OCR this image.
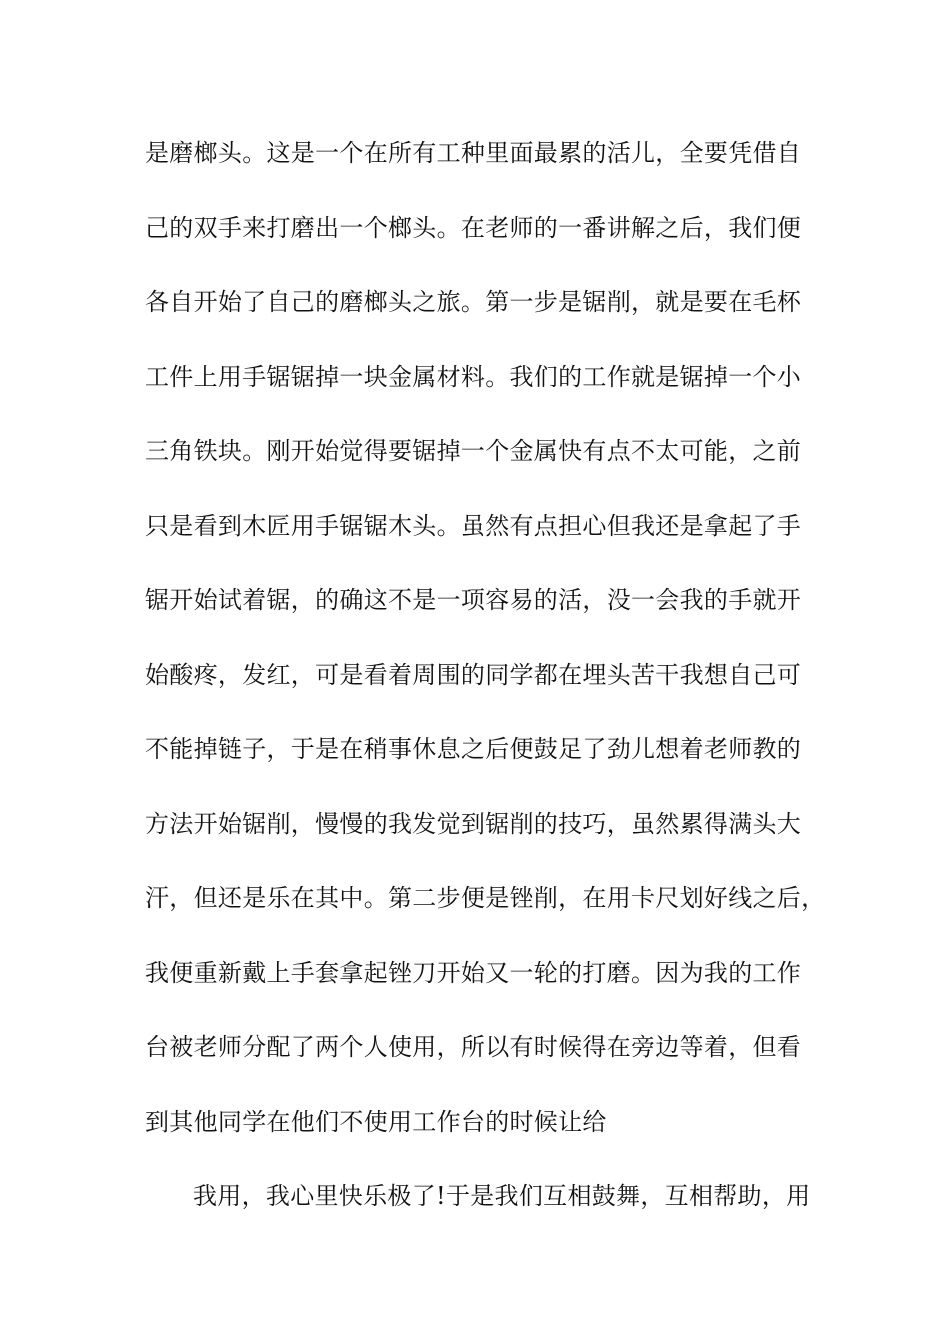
是磨榔头。这是一个在所有工种里面最累的活儿，全要凭借自
己的双手来打磨出一个榔头。在老师的一番讲解之后，我们便
各自开始了自己的磨榔头之旅。第一步是锯削，就是要在毛杯
工件上用手锯锯掉一块金属材料。我们的工作就是锯掉一个小
三角铁块。刚开始觉得要锯掉一个金属快有点不太可能，之前
只是看到木匠用手锯锯木头。虽然有点担心但我还是拿起了手
锯开始试着锯，的确这不是一项容易的活，没一会我的手就开
始酸疼，发红，可是看着周围的同学都在埋头苦干我想自己可
不能掉链子，于是在稍事休息之后便鼓足了劲儿想着老师教的
方法开始锯削，慢慢的我发觉到锯削的技巧，虽然累得满头大
汗，但还是乐在其中。第二步便是锉削，在用卡尺划好线之后，
我便重新戴上手套拿起锉刀开始又一轮的打磨。因为我的工作
台被老师分配了两个人使用，所以有时候得在旁边等着，但看
到其他同学在他们不使用工作台的时候让给
我用，我心里快乐极了!于是我们互相鼓舞，互相帮助，用
